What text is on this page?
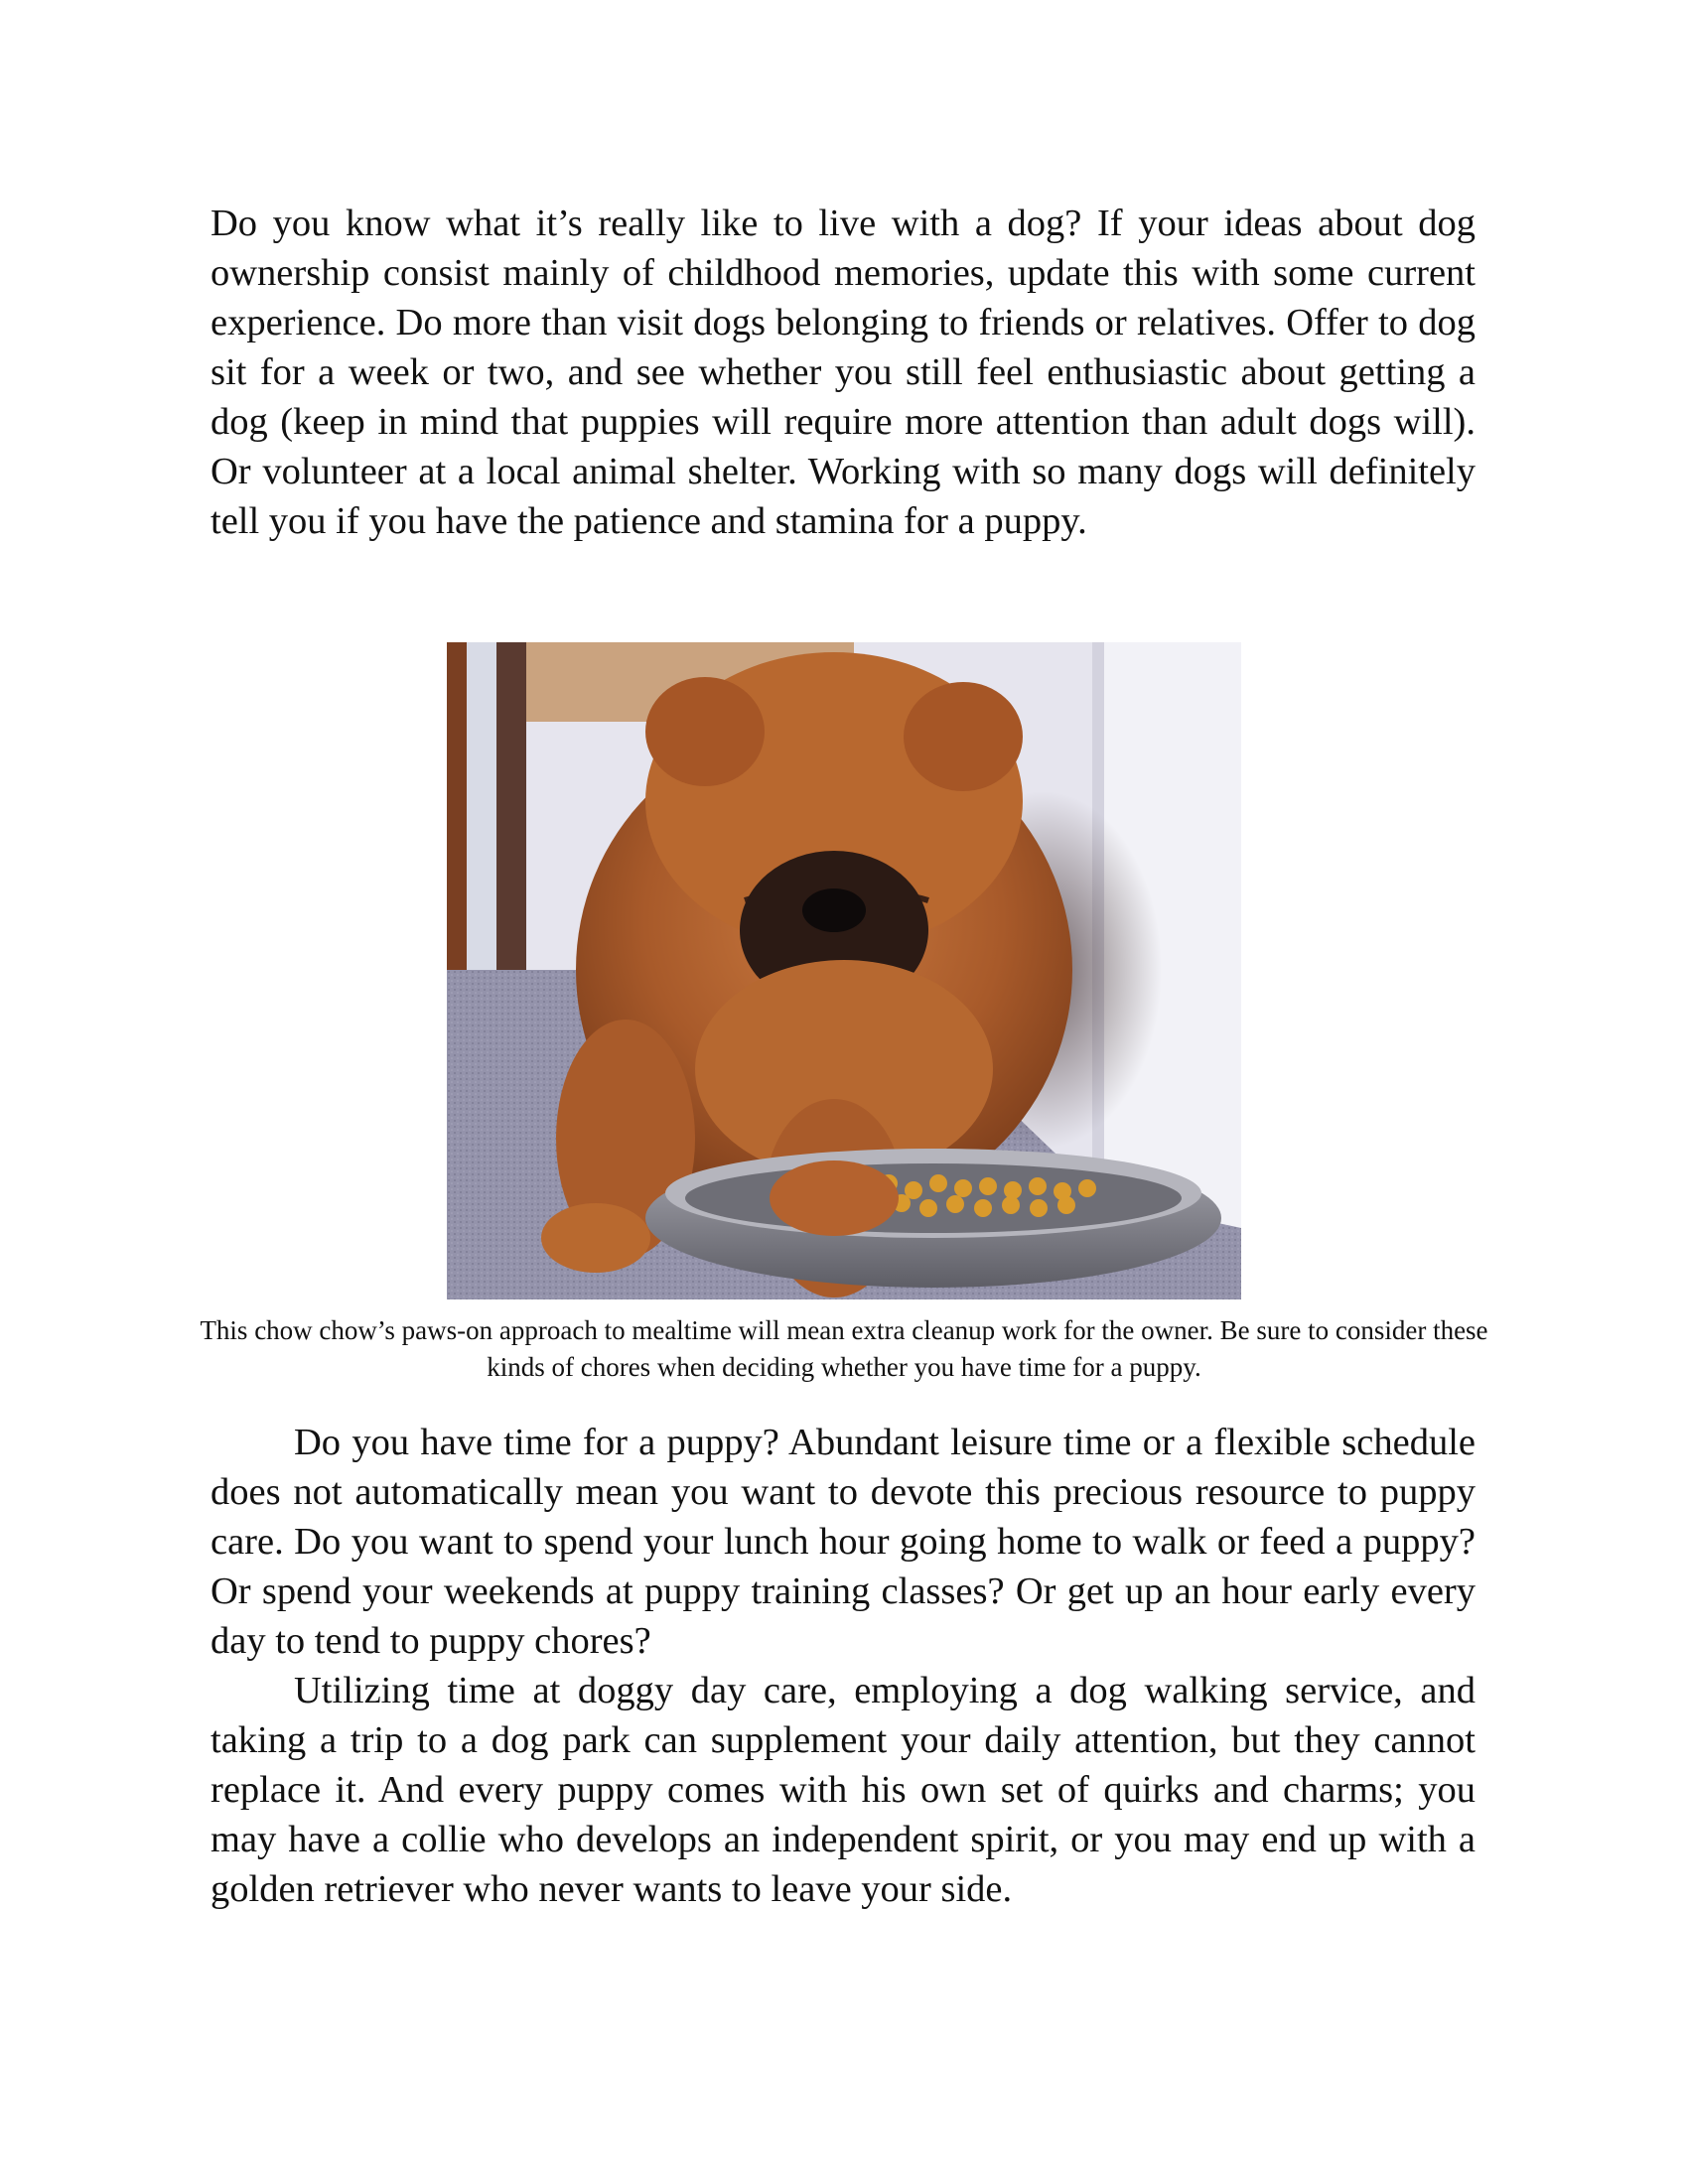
Do you know what it’s really like to live with a dog? If your ideas about dog ownership consist mainly of childhood memories, update this with some current experience. Do more than visit dogs belonging to friends or relatives. Offer to dog sit for a week or two, and see whether you still feel enthusiastic about getting a dog (keep in mind that puppies will require more attention than adult dogs will). Or volunteer at a local animal shelter. Working with so many dogs will definitely tell you if you have the patience and stamina for a puppy.

This chow chow’s paws-on approach to mealtime will mean extra cleanup work for the owner. Be sure to consider these kinds of chores when deciding whether you have time for a puppy.

Do you have time for a puppy? Abundant leisure time or a flexible schedule does not automatically mean you want to devote this precious resource to puppy care. Do you want to spend your lunch hour going home to walk or feed a puppy? Or spend your weekends at puppy training classes? Or get up an hour early every day to tend to puppy chores?

Utilizing time at doggy day care, employing a dog walking service, and taking a trip to a dog park can supplement your daily attention, but they cannot replace it. And every puppy comes with his own set of quirks and charms; you may have a collie who develops an independent spirit, or you may end up with a golden retriever who never wants to leave your side.
